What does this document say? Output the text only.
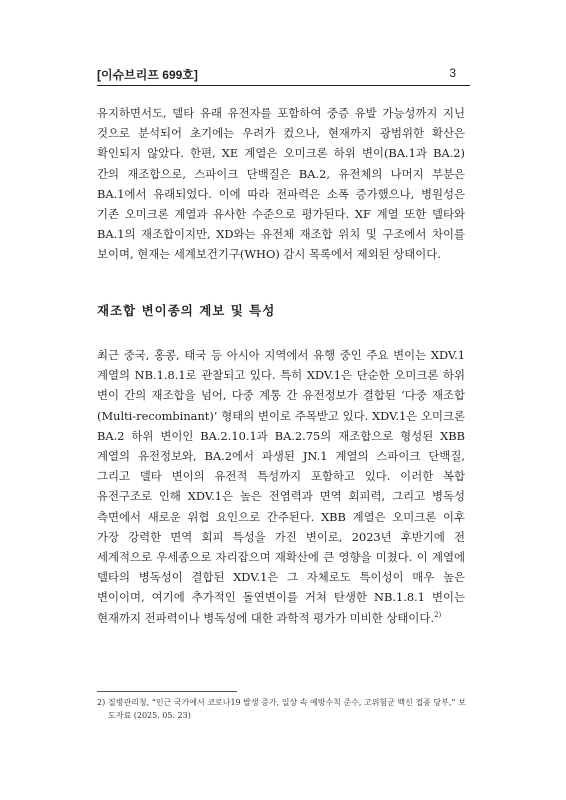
[이슈브리프 699호]	3

유지하면서도, 델타 유래 유전자를 포함하여 중증 유발 가능성까지 지닌 것으로 분석되어 초기에는 우려가 컸으나, 현재까지 광범위한 확산은 확인되지 않았다. 한편, XE 계열은 오미크론 하위 변이(BA.1과 BA.2) 간의 재조합으로, 스파이크 단백질은 BA.2, 유전체의 나머지 부분은 BA.1에서 유래되었다. 이에 따라 전파력은 소폭 증가했으나, 병원성은 기존 오미크론 계열과 유사한 수준으로 평가된다. XF 계열 또한 델타와 BA.1의 재조합이지만, XD와는 유전체 재조합 위치 및 구조에서 차이를 보이며, 현재는 세계보건기구(WHO) 감시 목록에서 제외된 상태이다.

재조합 변이종의 계보 및 특성

최근 중국, 홍콩, 태국 등 아시아 지역에서 유행 중인 주요 변이는 XDV.1 계열의 NB.1.8.1로 관찰되고 있다. 특히 XDV.1은 단순한 오미크론 하위 변이 간의 재조합을 넘어, 다중 계통 간 유전정보가 결합된 ‘다중 재조합(Multi-recombinant)’ 형태의 변이로 주목받고 있다. XDV.1은 오미크론 BA.2 하위 변이인 BA.2.10.1과 BA.2.75의 재조합으로 형성된 XBB 계열의 유전정보와, BA.2에서 파생된 JN.1 계열의 스파이크 단백질, 그리고 델타 변이의 유전적 특성까지 포함하고 있다. 이러한 복합 유전구조로 인해 XDV.1은 높은 전염력과 면역 회피력, 그리고 병독성 측면에서 새로운 위협 요인으로 간주된다. XBB 계열은 오미크론 이후 가장 강력한 면역 회피 특성을 가진 변이로, 2023년 후반기에 전 세계적으로 우세종으로 자리잡으며 재확산에 큰 영향을 미쳤다. 이 계열에 델타의 병독성이 결합된 XDV.1은 그 자체로도 특이성이 매우 높은 변이이며, 여기에 추가적인 돌연변이를 거쳐 탄생한 NB.1.8.1 변이는 현재까지 전파력이나 병독성에 대한 과학적 평가가 미비한 상태이다.$^{2)}$

2) 질병관리청, “인근 국가에서 코로나19 발생 증가, 일상 속 예방수칙 준수, 고위험군 백신 접종 당부,” 보도자료 (2025. 05. 23)
